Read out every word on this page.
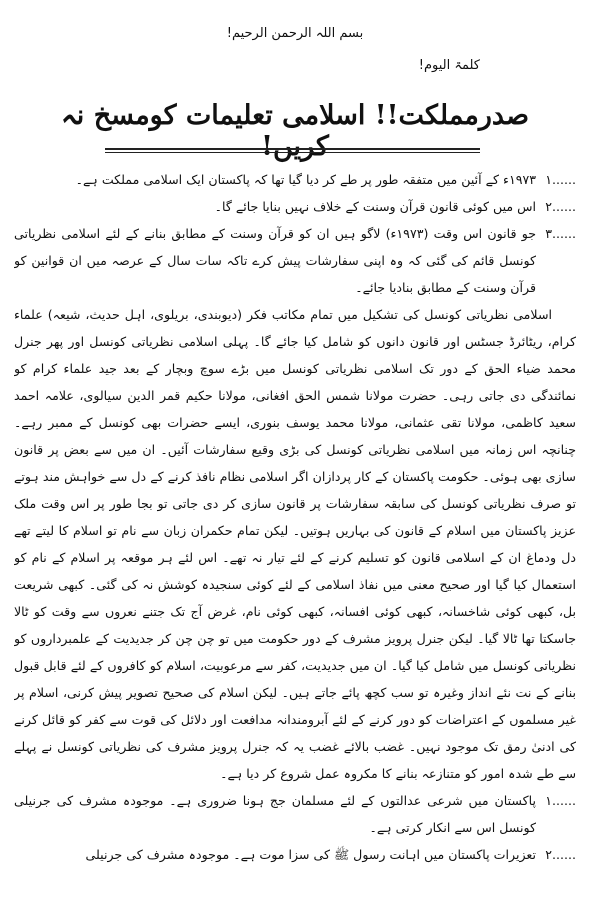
بسم اللہ الرحمن الرحیم!
کلمۃ الیوم!
صدرمملکت!! اسلامی تعلیمات کومسخ نہ کریں!
۱......
۱۹۷۳ء کے آئین میں متفقہ طور پر طے کر دیا گیا تھا کہ پاکستان ایک اسلامی مملکت ہے۔
۲......
اس میں کوئی قانون قرآن وسنت کے خلاف نہیں بنایا جائے گا۔
۳......
جو قانون اس وقت (۱۹۷۳ء) لاگو ہیں ان کو قرآن وسنت کے مطابق بنانے کے لئے اسلامی نظریاتی کونسل قائم کی گئی کہ وہ اپنی سفارشات پیش کرے تاکہ سات سال کے عرصہ میں ان قوانین کو قرآن وسنت کے مطابق بنادیا جائے۔

اسلامی نظریاتی کونسل کی تشکیل میں تمام مکاتب فکر (دیوبندی، بریلوی، اہل حدیث، شیعہ) علماء کرام، ریٹائرڈ جسٹس اور قانون دانوں کو شامل کیا جائے گا۔ پہلی اسلامی نظریاتی کونسل اور پھر جنرل محمد ضیاء الحق کے دور تک اسلامی نظریاتی کونسل میں بڑے سوچ وبچار کے بعد جید علماء کرام کو نمائندگی دی جاتی رہی۔ حضرت مولانا شمس الحق افغانی، مولانا حکیم قمر الدین سیالوی، علامہ احمد سعید کاظمی، مولانا تقی عثمانی، مولانا محمد یوسف بنوری، ایسے حضرات بھی کونسل کے ممبر رہے۔ چنانچہ اس زمانہ میں اسلامی نظریاتی کونسل کی بڑی وقیع سفارشات آئیں۔ ان میں سے بعض پر قانون سازی بھی ہوئی۔ حکومت پاکستان کے کار پردازان اگر اسلامی نظام نافذ کرنے کے دل سے خواہش مند ہوتے تو صرف نظریاتی کونسل کی سابقہ سفارشات پر قانون سازی کر دی جاتی تو بجا طور پر اس وقت ملک عزیز پاکستان میں اسلام کے قانون کی بہاریں ہوتیں۔ لیکن تمام حکمران زبان سے نام تو اسلام کا لیتے تھے دل ودماغ ان کے اسلامی قانون کو تسلیم کرنے کے لئے تیار نہ تھے۔ اس لئے ہر موقعہ پر اسلام کے نام کو استعمال کیا گیا اور صحیح معنی میں نفاذ اسلامی کے لئے کوئی سنجیدہ کوشش نہ کی گئی۔ کبھی شریعت بل، کبھی کوئی شاخسانہ، کبھی کوئی افسانہ، کبھی کوئی نام، غرض آج تک جتنے نعروں سے وقت کو ٹالا جاسکتا تھا ٹالا گیا۔ لیکن جنرل پرویز مشرف کے دور حکومت میں تو چن چن کر جدیدیت کے علمبرداروں کو نظریاتی کونسل میں شامل کیا گیا۔ ان میں جدیدیت، کفر سے مرعوبیت، اسلام کو کافروں کے لئے قابل قبول بنانے کے نت نئے انداز وغیرہ تو سب کچھ پائے جاتے ہیں۔ لیکن اسلام کی صحیح تصویر پیش کرنی، اسلام پر غیر مسلموں کے اعتراضات کو دور کرنے کے لئے آبرومندانہ مدافعت اور دلائل کی قوت سے کفر کو قائل کرنے کی ادنیٰ رمق تک موجود نہیں۔ غضب بالائے غضب یہ کہ جنرل پرویز مشرف کی نظریاتی کونسل نے پہلے سے طے شدہ امور کو متنازعہ بنانے کا مکروہ عمل شروع کر دیا ہے۔

۱......
پاکستان میں شرعی عدالتوں کے لئے مسلمان جج ہونا ضروری ہے۔ موجودہ مشرف کی جرنیلی کونسل اس سے انکار کرتی ہے۔
۲......
تعزیرات پاکستان میں اہانت رسول ﷺ کی سزا موت ہے۔ موجودہ مشرف کی جرنیلی
